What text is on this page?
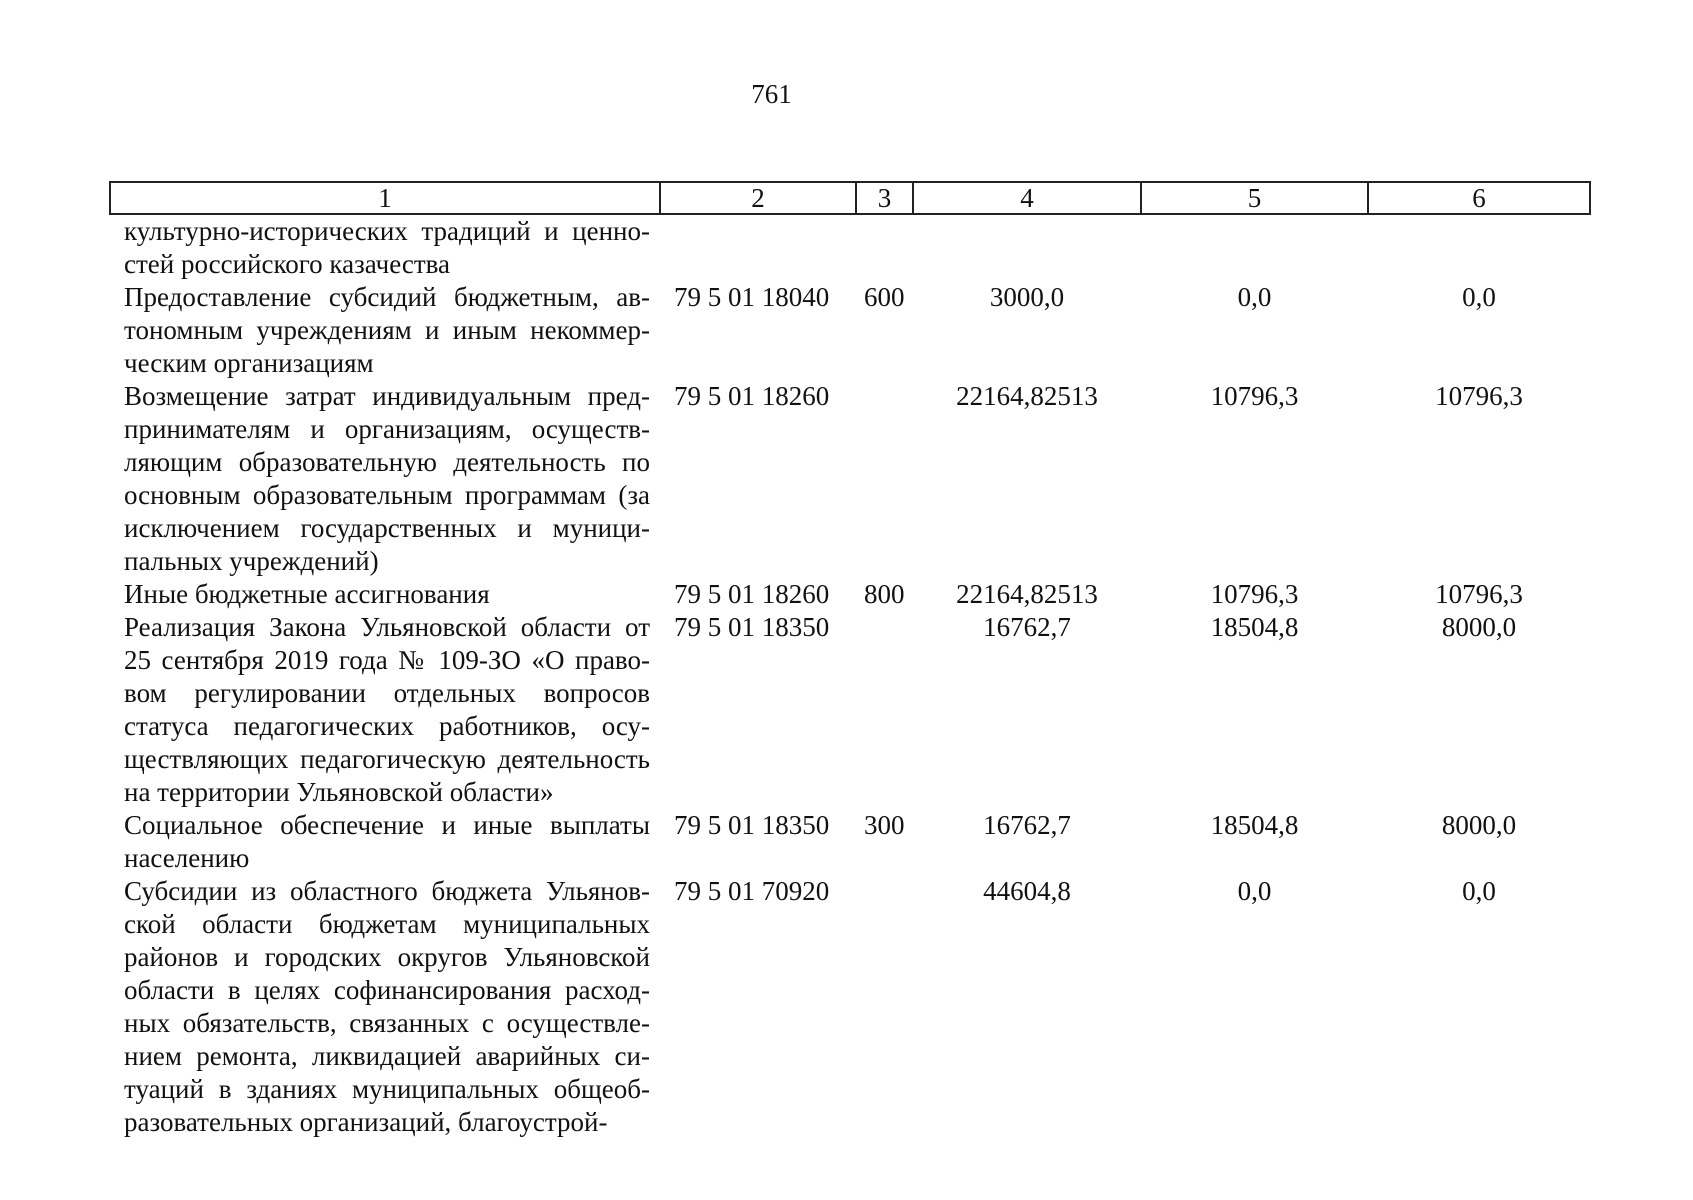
761
1	2	3	4	5	6
культурно-исторических традиций и ценностей российского казачества					
Предоставление субсидий бюджетным, автономным учреждениям и иным некоммерческим организациям	79 5 01 18040	600	3000,0	0,0	0,0
Возмещение затрат индивидуальным предпринимателям и организациям, осуществляющим образовательную деятельность по основным образовательным программам (за исключением государственных и муниципальных учреждений)	79 5 01 18260		22164,82513	10796,3	10796,3
Иные бюджетные ассигнования	79 5 01 18260	800	22164,82513	10796,3	10796,3
Реализация Закона Ульяновской области от 25 сентября 2019 года № 109-ЗО «О правовом регулировании отдельных вопросов статуса педагогических работников, осуществляющих педагогическую деятельность на территории Ульяновской области»	79 5 01 18350		16762,7	18504,8	8000,0
Социальное обеспечение и иные выплаты населению	79 5 01 18350	300	16762,7	18504,8	8000,0
Субсидии из областного бюджета Ульяновской области бюджетам муниципальных районов и городских округов Ульяновской области в целях софинансирования расходных обязательств, связанных с осуществлением ремонта, ликвидацией аварийных ситуаций в зданиях муниципальных общеобразовательных организаций, благоустрой-	79 5 01 70920		44604,8	0,0	0,0
